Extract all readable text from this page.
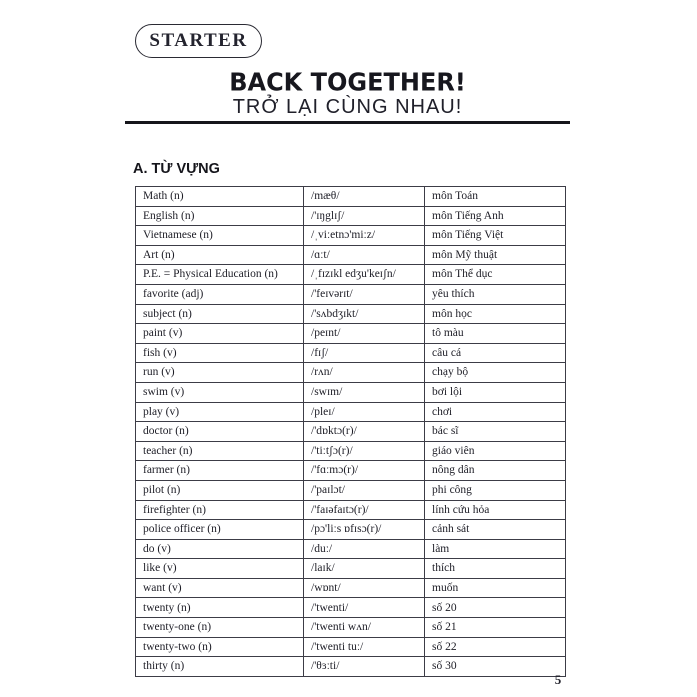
STARTER
BACK TOGETHER!
TRỞ LẠI CÙNG NHAU!
A. TỪ VỰNG
Math (n)	/mæθ/	môn Toán
English (n)	/'ɪŋglɪʃ/	môn Tiếng Anh
Vietnamese (n)	/ˌviːetnɔ'miːz/	môn Tiếng Việt
Art (n)	/ɑːt/	môn Mỹ thuật
P.E. = Physical Education (n)	/ˌfɪzɪkl edʒu'keɪʃn/	môn Thể dục
favorite (adj)	/'feɪvərɪt/	yêu thích
subject (n)	/'sʌbdʒɪkt/	môn học
paint (v)	/peɪnt/	tô màu
fish (v)	/fɪʃ/	câu cá
run (v)	/rʌn/	chạy bộ
swim (v)	/swɪm/	bơi lội
play (v)	/pleɪ/	chơi
doctor (n)	/'dɒktɔ(r)/	bác sĩ
teacher (n)	/'tiːtʃɔ(r)/	giáo viên
farmer (n)	/'fɑːmɔ(r)/	nông dân
pilot (n)	/'paɪlɔt/	phi công
firefighter (n)	/'faɪəfaɪtɔ(r)/	lính cứu hỏa
police officer (n)	/pɔ'liːs ɒfɪsɔ(r)/	cảnh sát
do (v)	/duː/	làm
like (v)	/laɪk/	thích
want (v)	/wɒnt/	muốn
twenty (n)	/'twenti/	số 20
twenty-one (n)	/'twenti wʌn/	số 21
twenty-two (n)	/'twenti tuː/	số 22
thirty (n)	/'θɜːti/	số 30
5
